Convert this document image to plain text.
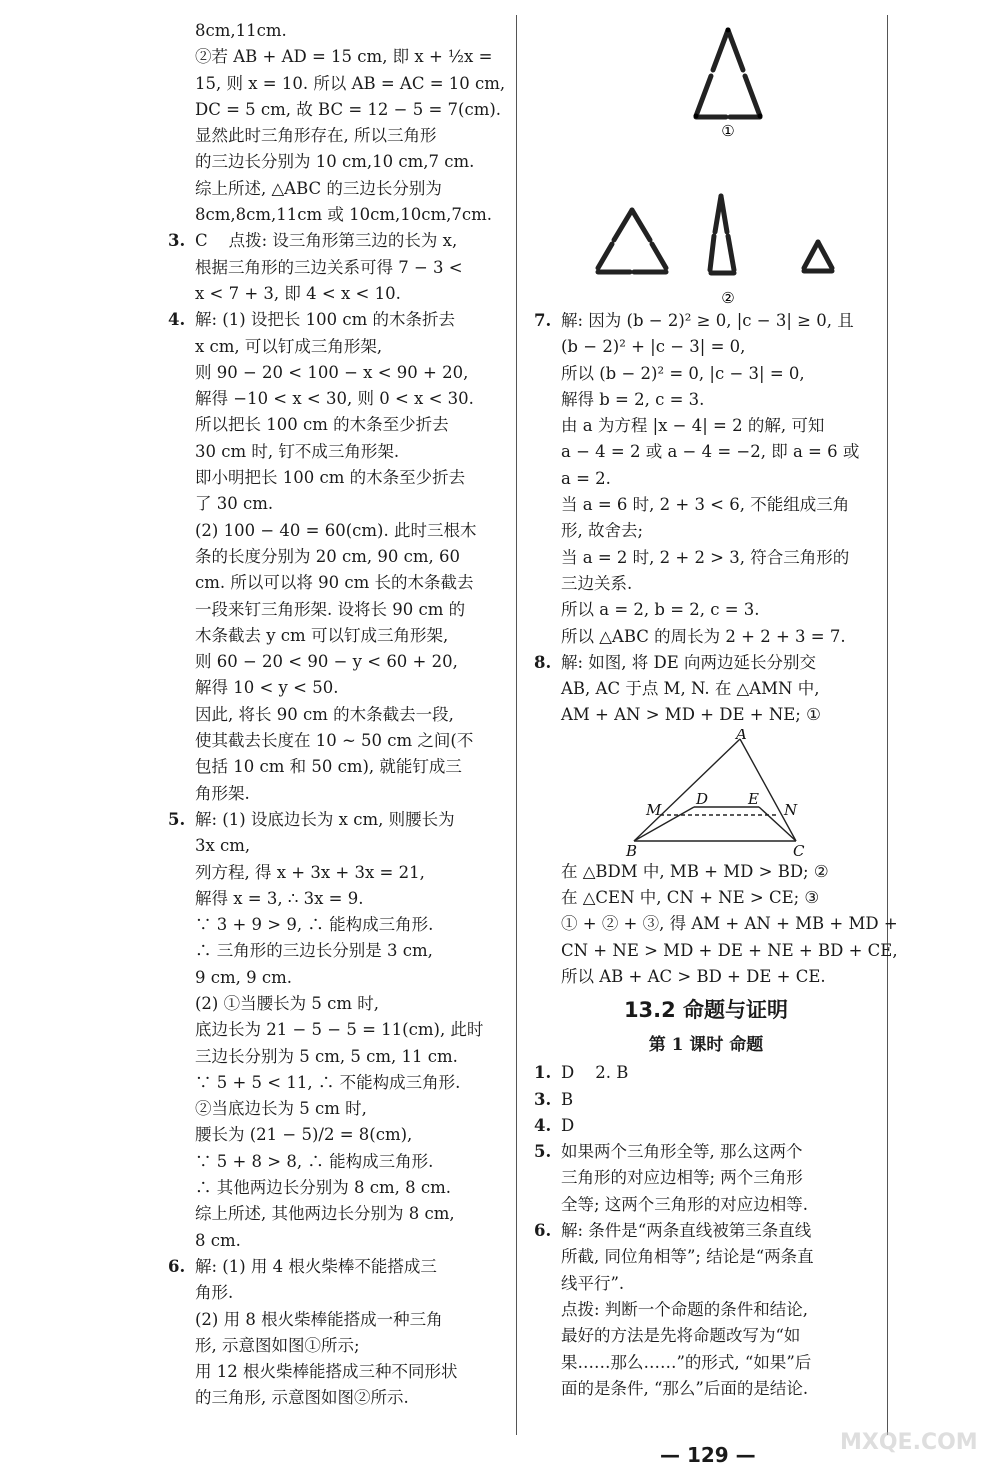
8cm,11cm.
②若 AB + AD = 15 cm, 即 x + ½x =
15, 则 x = 10. 所以 AB = AC = 10 cm,
DC = 5 cm, 故 BC = 12 − 5 = 7(cm).
显然此时三角形存在, 所以三角形
的三边长分别为 10 cm,10 cm,7 cm.
综上所述, △ABC 的三边长分别为
8cm,8cm,11cm 或 10cm,10cm,7cm.
3. C    点拨: 设三角形第三边的长为 x,
根据三角形的三边关系可得 7 − 3 <
x < 7 + 3, 即 4 < x < 10.
4. 解: (1) 设把长 100 cm 的木条折去
x cm, 可以钉成三角形架,
则 90 − 20 < 100 − x < 90 + 20,
解得 −10 < x < 30, 则 0 < x < 30.
所以把长 100 cm 的木条至少折去
30 cm 时, 钉不成三角形架.
即小明把长 100 cm 的木条至少折去
了 30 cm.
(2) 100 − 40 = 60(cm). 此时三根木
条的长度分别为 20 cm, 90 cm, 60
cm. 所以可以将 90 cm 长的木条截去
一段来钉三角形架. 设将长 90 cm 的
木条截去 y cm 可以钉成三角形架,
则 60 − 20 < 90 − y < 60 + 20,
解得 10 < y < 50.
因此, 将长 90 cm 的木条截去一段,
使其截去长度在 10 ~ 50 cm 之间(不
包括 10 cm 和 50 cm), 就能钉成三
角形架.
5. 解: (1) 设底边长为 x cm, 则腰长为
3x cm,
列方程, 得 x + 3x + 3x = 21,
解得 x = 3, ∴ 3x = 9.
∵ 3 + 9 > 9, ∴ 能构成三角形.
∴ 三角形的三边长分别是 3 cm,
9 cm, 9 cm.
(2) ①当腰长为 5 cm 时,
底边长为 21 − 5 − 5 = 11(cm), 此时
三边长分别为 5 cm, 5 cm, 11 cm.
∵ 5 + 5 < 11, ∴ 不能构成三角形.
②当底边长为 5 cm 时,
腰长为 (21 − 5)/2 = 8(cm),
∵ 5 + 8 > 8, ∴ 能构成三角形.
∴ 其他两边长分别为 8 cm, 8 cm.
综上所述, 其他两边长分别为 8 cm,
8 cm.
6. 解: (1) 用 4 根火柴棒不能搭成三
角形.
(2) 用 8 根火柴棒能搭成一种三角
形, 示意图如图①所示;
用 12 根火柴棒能搭成三种不同形状
的三角形, 示意图如图②所示.
①
②
7. 解: 因为 (b − 2)² ≥ 0, |c − 3| ≥ 0, 且
(b − 2)² + |c − 3| = 0,
所以 (b − 2)² = 0, |c − 3| = 0,
解得 b = 2, c = 3.
由 a 为方程 |x − 4| = 2 的解, 可知
a − 4 = 2 或 a − 4 = −2, 即 a = 6 或
a = 2.
当 a = 6 时, 2 + 3 < 6, 不能组成三角
形, 故舍去;
当 a = 2 时, 2 + 2 > 3, 符合三角形的
三边关系.
所以 a = 2, b = 2, c = 3.
所以 △ABC 的周长为 2 + 2 + 3 = 7.
8. 解: 如图, 将 DE 向两边延长分别交
AB, AC 于点 M, N. 在 △AMN 中,
AM + AN > MD + DE + NE; ①
A
B	C
D	E
M	N
在 △BDM 中, MB + MD > BD; ②
在 △CEN 中, CN + NE > CE; ③
① + ② + ③, 得 AM + AN + MB + MD +
CN + NE > MD + DE + NE + BD + CE,
所以 AB + AC > BD + DE + CE.
13.2 命题与证明
第 1 课时 命题
1. D    2. B
3. B
4. D
5. 如果两个三角形全等, 那么这两个
三角形的对应边相等; 两个三角形
全等; 这两个三角形的对应边相等.
6. 解: 条件是“两条直线被第三条直线
所截, 同位角相等”; 结论是“两条直
线平行”.
点拨: 判断一个命题的条件和结论,
最好的方法是先将命题改写为“如
果……那么……”的形式, “如果”后
面的是条件, “那么”后面的是结论.
— 129 —	MXQE.COM
